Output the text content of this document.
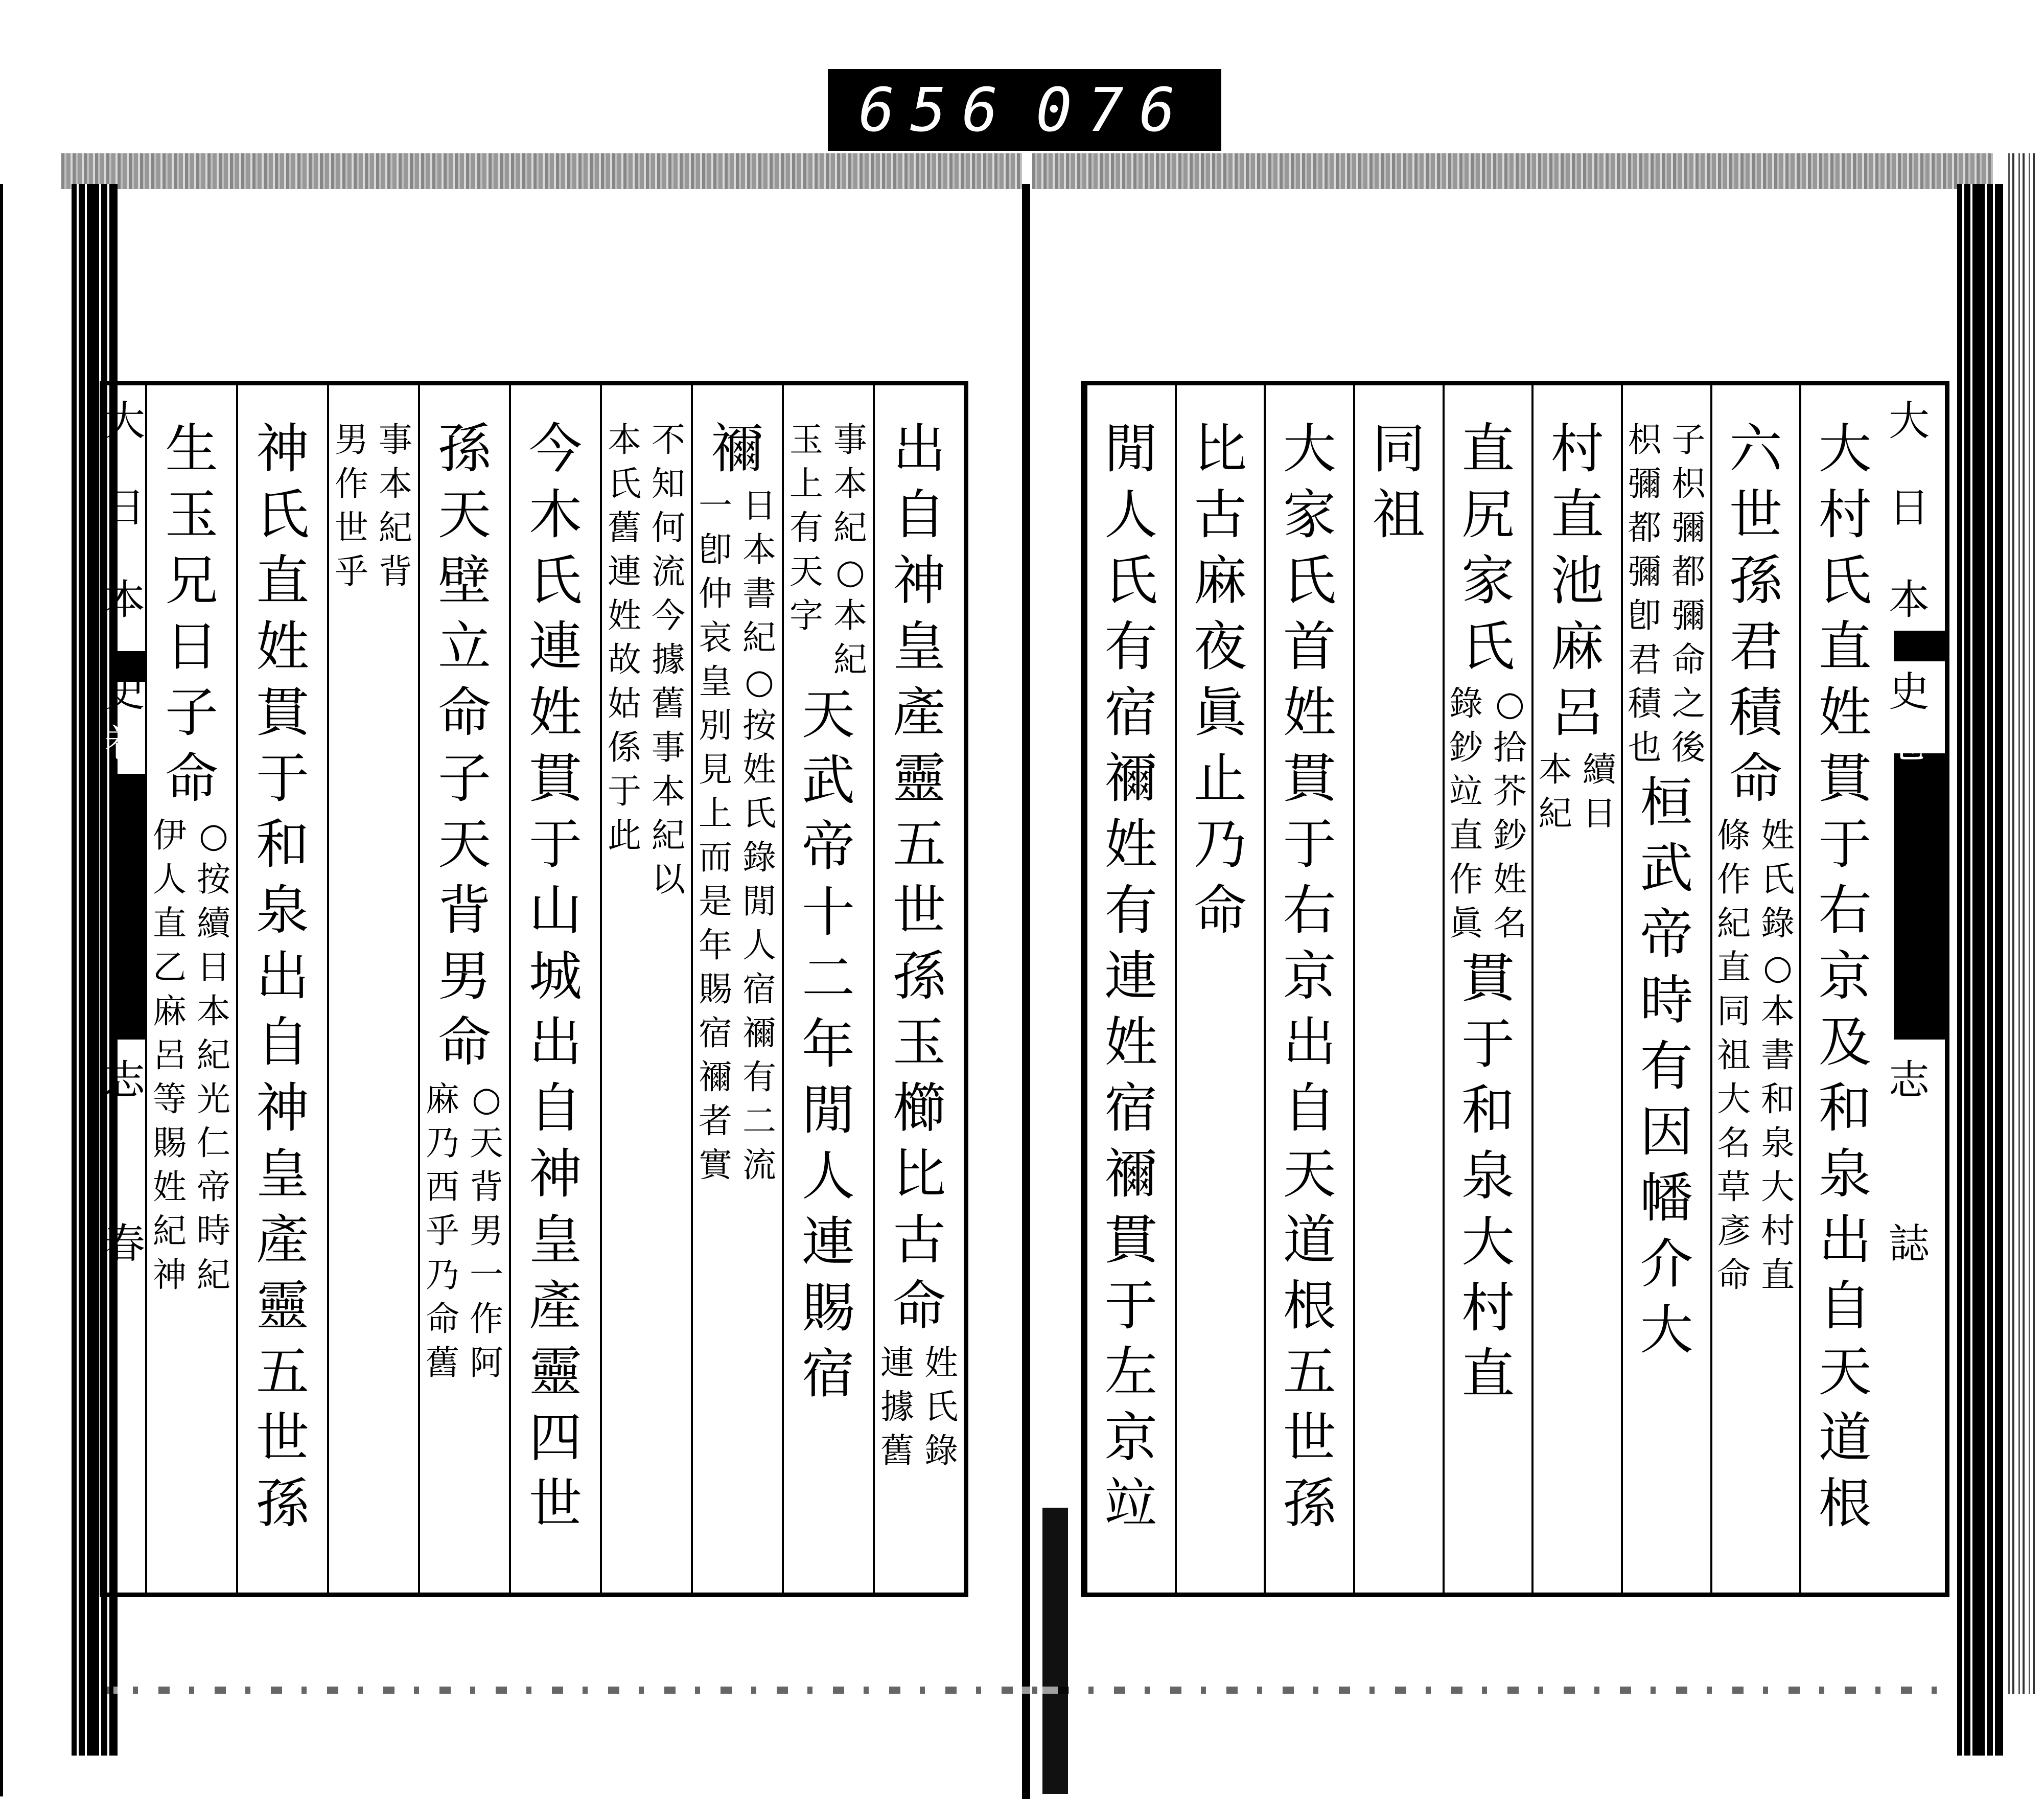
656 076
大
日
本
史
卷
志
春
出
自
神
皇
產
靈
五
世
孫
玉
櫛
比
古
命
姓
氏
錄
連
據
舊
事
本
紀
○
本
紀
玉
上
有
天
字
天
武
帝
十
二
年
閒
人
連
賜
宿
禰
日
本
書
紀
○
按
姓
氏
錄
閒
人
宿
禰
有
二
流
一
卽
仲
哀
皇
別
見
上
而
是
年
賜
宿
禰
者
實
不
知
何
流
今
據
舊
事
本
紀
以
本
氏
舊
連
姓
故
姑
係
于
此
今
木
氏
連
姓
貫
于
山
城
出
自
神
皇
產
靈
四
世
孫
天
壁
立
命
子
天
背
男
命
○
天
背
男
一
作
阿
麻
乃
西
乎
乃
命
舊
事
本
紀
背
男
作
世
乎
神
氏
直
姓
貫
于
和
泉
出
自
神
皇
產
靈
五
世
孫
生
玉
兄
日
子
命
○
按
續
日
本
紀
光
仁
帝
時
紀
伊
人
直
乙
麻
呂
等
賜
姓
紀
神
大
村
氏
直
姓
貫
于
右
京
及
和
泉
出
自
天
道
根
六
世
孫
君
積
命
姓
氏
錄
○
本
書
和
泉
大
村
直
條
作
紀
直
同
祖
大
名
草
彥
命
子
枳
彌
都
彌
命
之
後
枳
彌
都
彌
卽
君
積
也
桓
武
帝
時
有
因
幡
介
大
村
直
池
麻
呂
續
日
本
紀
直
尻
家
氏
○
拾
芥
鈔
姓
名
錄
鈔
竝
直
作
眞
貫
于
和
泉
大
村
直
同
祖
大
家
氏
首
姓
貫
于
右
京
出
自
天
道
根
五
世
孫
比
古
麻
夜
眞
止
乃
命
閒
人
氏
有
宿
禰
姓
有
連
姓
宿
禰
貫
于
左
京
竝
大
日
本
史
卷
志
誌
